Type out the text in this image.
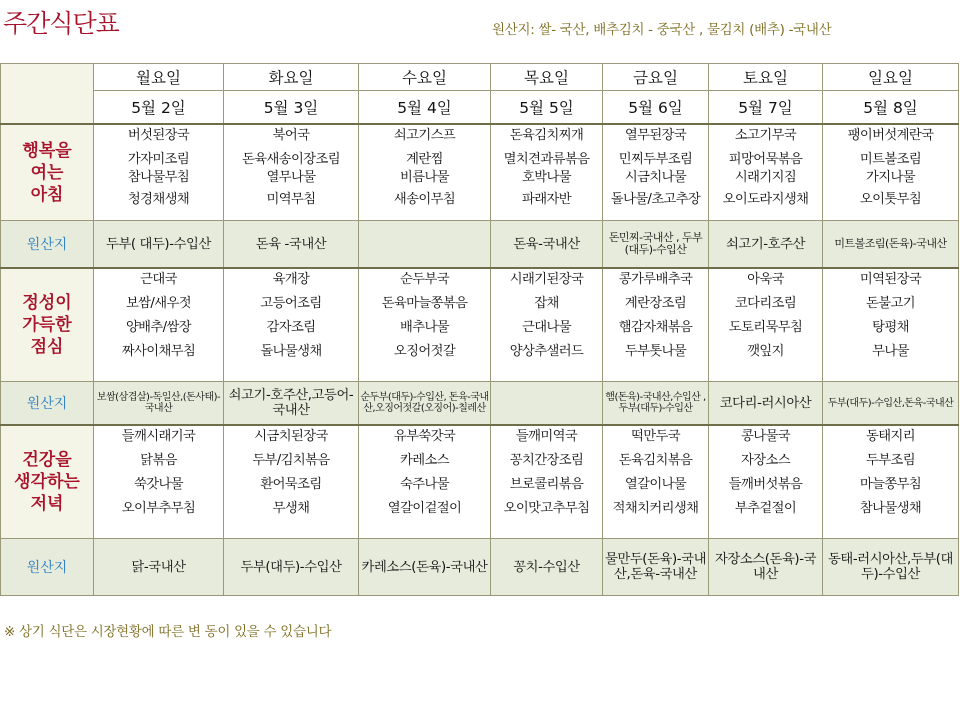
주간식단표	원산지: 쌀- 국산, 배추김치 - 중국산 , 물김치 (배추) -국내산
	월요일	화요일	수요일	목요일	금요일	토요일	일요일
	5월 2일	5월 3일	5월 4일	5월 5일	5월 6일	5월 7일	5월 8일

행복을
여는
아침	버섯된장국
가자미조림
참나물무침
청경채생채	북어국
돈육새송이장조림
열무나물
미역무침	쇠고기스프
계란찜
비름나물
새송이무침	돈육김치찌개
멸치견과류볶음
호박나물
파래자반	열무된장국
민찌두부조림
시금치나물
돌나물/초고추장	소고기무국
피망어묵볶음
시래기지짐
오이도라지생채	팽이버섯계란국
미트볼조림
가지나물
오이톳무침

원산지	두부( 대두)-수입산	돈육 -국내산		돈육-국내산	돈민찌-국내산 , 두부(대두)-수입산	쇠고기-호주산	미트볼조림(돈육)-국내산

정성이
가득한
점심	근대국
보쌈/새우젓
양배추/쌈장
짜사이채무침	육개장
고등어조림
감자조림
돌나물생채	순두부국
돈육마늘쫑볶음
배추나물
오징어젓갈	시래기된장국
잡채
근대나물
양상추샐러드	콩가루배추국
계란장조림
햄감자채볶음
두부톳나물	아욱국
코다리조림
도토리묵무침
깻잎지	미역된장국
돈불고기
탕평채
무나물

원산지	보쌈(삼겹살)-독일산,(돈사태)-국내산	쇠고기-호주산,고등어-국내산	순두부(대두)-수입산, 돈육-국내산,오징어젓갈(오징어)-칠레산		햄(돈육)-국내산,수입산 ,두부(대두)-수입산	코다리-러시아산	두부(대두)-수입산,돈육-국내산

건강을
생각하는
저녁	들깨시래기국
닭볶음
쑥갓나물
오이부추무침	시금치된장국
두부/김치볶음
환어묵조림
무생채	유부쑥갓국
카레소스
숙주나물
열갈이겉절이	들깨미역국
꽁치간장조림
브로콜리볶음
오이맛고추무침	떡만두국
돈육김치볶음
열갈이나물
적채치커리생채	콩나물국
자장소스
들깨버섯볶음
부추겉절이	동태지리
두부조림
마늘쫑무침
참나물생채

원산지	닭-국내산	두부(대두)-수입산	카레소스(돈육)-국내산	꽁치-수입산	물만두(돈육)-국내산,돈육-국내산	자장소스(돈육)-국내산	동태-러시아산,두부(대두)-수입산
※ 상기 식단은 시장현황에 따른 변 동이 있을 수 있습니다
